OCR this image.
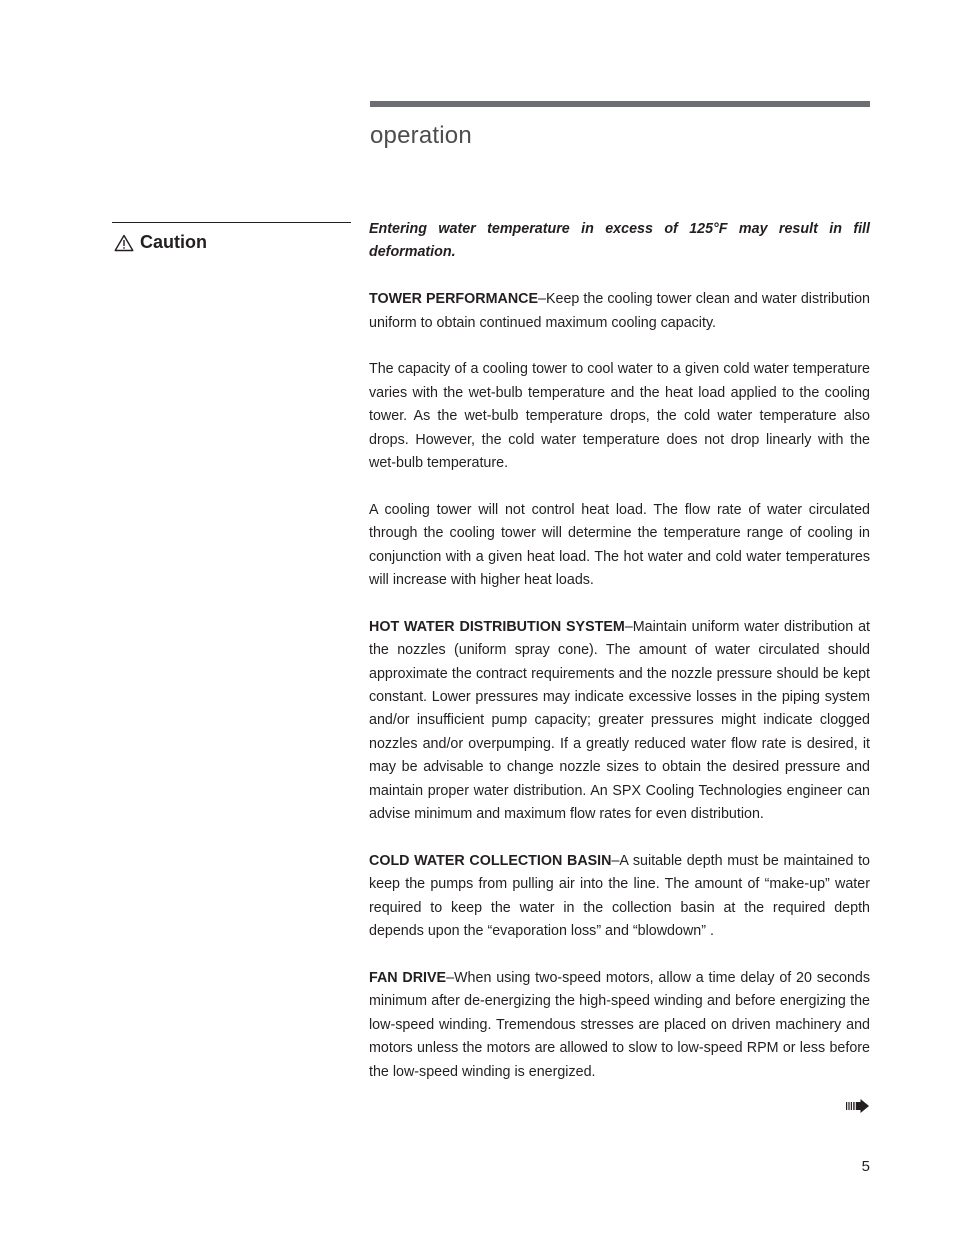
operation
Caution

Entering water temperature in excess of 125°F may result in fill deformation.

TOWER PERFORMANCE–Keep the cooling tower clean and water distribution uniform to obtain continued maximum cooling capacity.

The capacity of a cooling tower to cool water to a given cold water temperature varies with the wet-bulb temperature and the heat load applied to the cooling tower. As the wet-bulb temperature drops, the cold water temperature also drops. However, the cold water temperature does not drop linearly with the wet-bulb temperature.

A cooling tower will not control heat load. The flow rate of water circulated through the cooling tower will determine the temperature range of cooling in conjunction with a given heat load. The hot water and cold water temperatures will increase with higher heat loads.

HOT WATER DISTRIBUTION SYSTEM–Maintain uniform water distribution at the nozzles (uniform spray cone). The amount of water circulated should approximate the contract requirements and the nozzle pressure should be kept constant. Lower pressures may indicate excessive losses in the piping system and/or insufficient pump capacity; greater pressures might indicate clogged nozzles and/or overpumping. If a greatly reduced water flow rate is desired, it may be advisable to change nozzle sizes to obtain the desired pressure and maintain proper water distribution. An SPX Cooling Technologies engineer can advise minimum and maximum flow rates for even distribution.

COLD WATER COLLECTION BASIN–A suitable depth must be maintained to keep the pumps from pulling air into the line. The amount of “make-up” water required to keep the water in the collection basin at the required depth depends upon the “evaporation loss” and “blowdown” .

FAN DRIVE–When using two-speed motors, allow a time delay of 20 seconds minimum after de-energizing the high-speed winding and before energizing the low-speed winding. Tremendous stresses are placed on driven machinery and motors unless the motors are allowed to slow to low-speed RPM or less before the low-speed winding is energized.

5
